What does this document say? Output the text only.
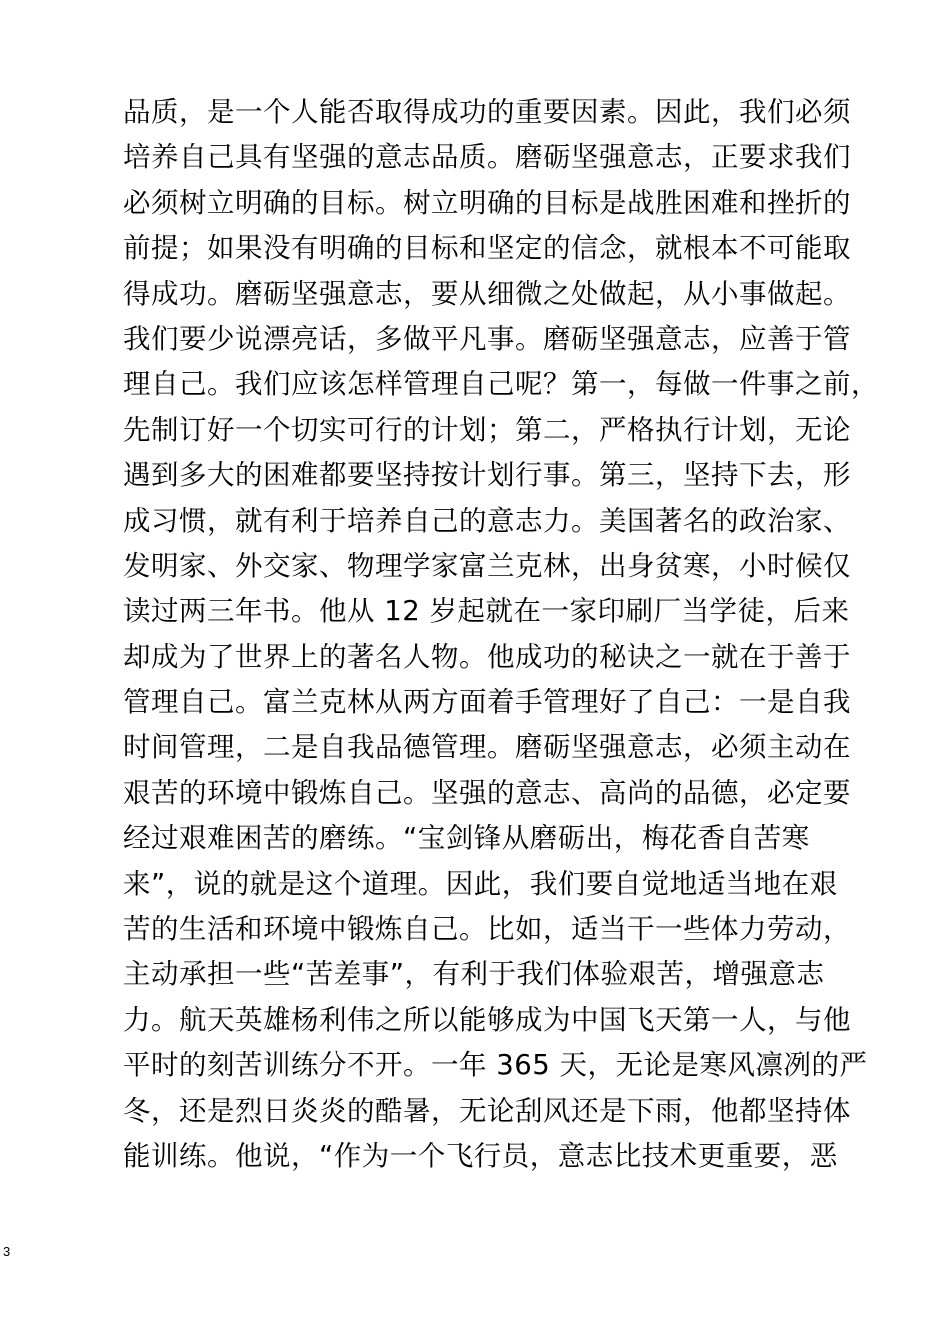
品质，是一个人能否取得成功的重要因素。因此，我们必须
培养自己具有坚强的意志品质。磨砺坚强意志，正要求我们
必须树立明确的目标。树立明确的目标是战胜困难和挫折的
前提；如果没有明确的目标和坚定的信念，就根本不可能取
得成功。磨砺坚强意志，要从细微之处做起，从小事做起。
我们要少说漂亮话，多做平凡事。磨砺坚强意志，应善于管
理自己。我们应该怎样管理自己呢？第一，每做一件事之前，
先制订好一个切实可行的计划；第二，严格执行计划，无论
遇到多大的困难都要坚持按计划行事。第三，坚持下去，形
成习惯，就有利于培养自己的意志力。美国著名的政治家、
发明家、外交家、物理学家富兰克林，出身贫寒，小时候仅
读过两三年书。他从 12 岁起就在一家印刷厂当学徒，后来
却成为了世界上的著名人物。他成功的秘诀之一就在于善于
管理自己。富兰克林从两方面着手管理好了自己：一是自我
时间管理，二是自我品德管理。磨砺坚强意志，必须主动在
艰苦的环境中锻炼自己。坚强的意志、高尚的品德，必定要
经过艰难困苦的磨练。“宝剑锋从磨砺出，梅花香自苦寒
来”，说的就是这个道理。因此，我们要自觉地适当地在艰
苦的生活和环境中锻炼自己。比如，适当干一些体力劳动，
主动承担一些“苦差事”，有利于我们体验艰苦，增强意志
力。航天英雄杨利伟之所以能够成为中国飞天第一人，与他
平时的刻苦训练分不开。一年 365 天，无论是寒风凛冽的严
冬，还是烈日炎炎的酷暑，无论刮风还是下雨，他都坚持体
能训练。他说，“作为一个飞行员，意志比技术更重要，恶
3
